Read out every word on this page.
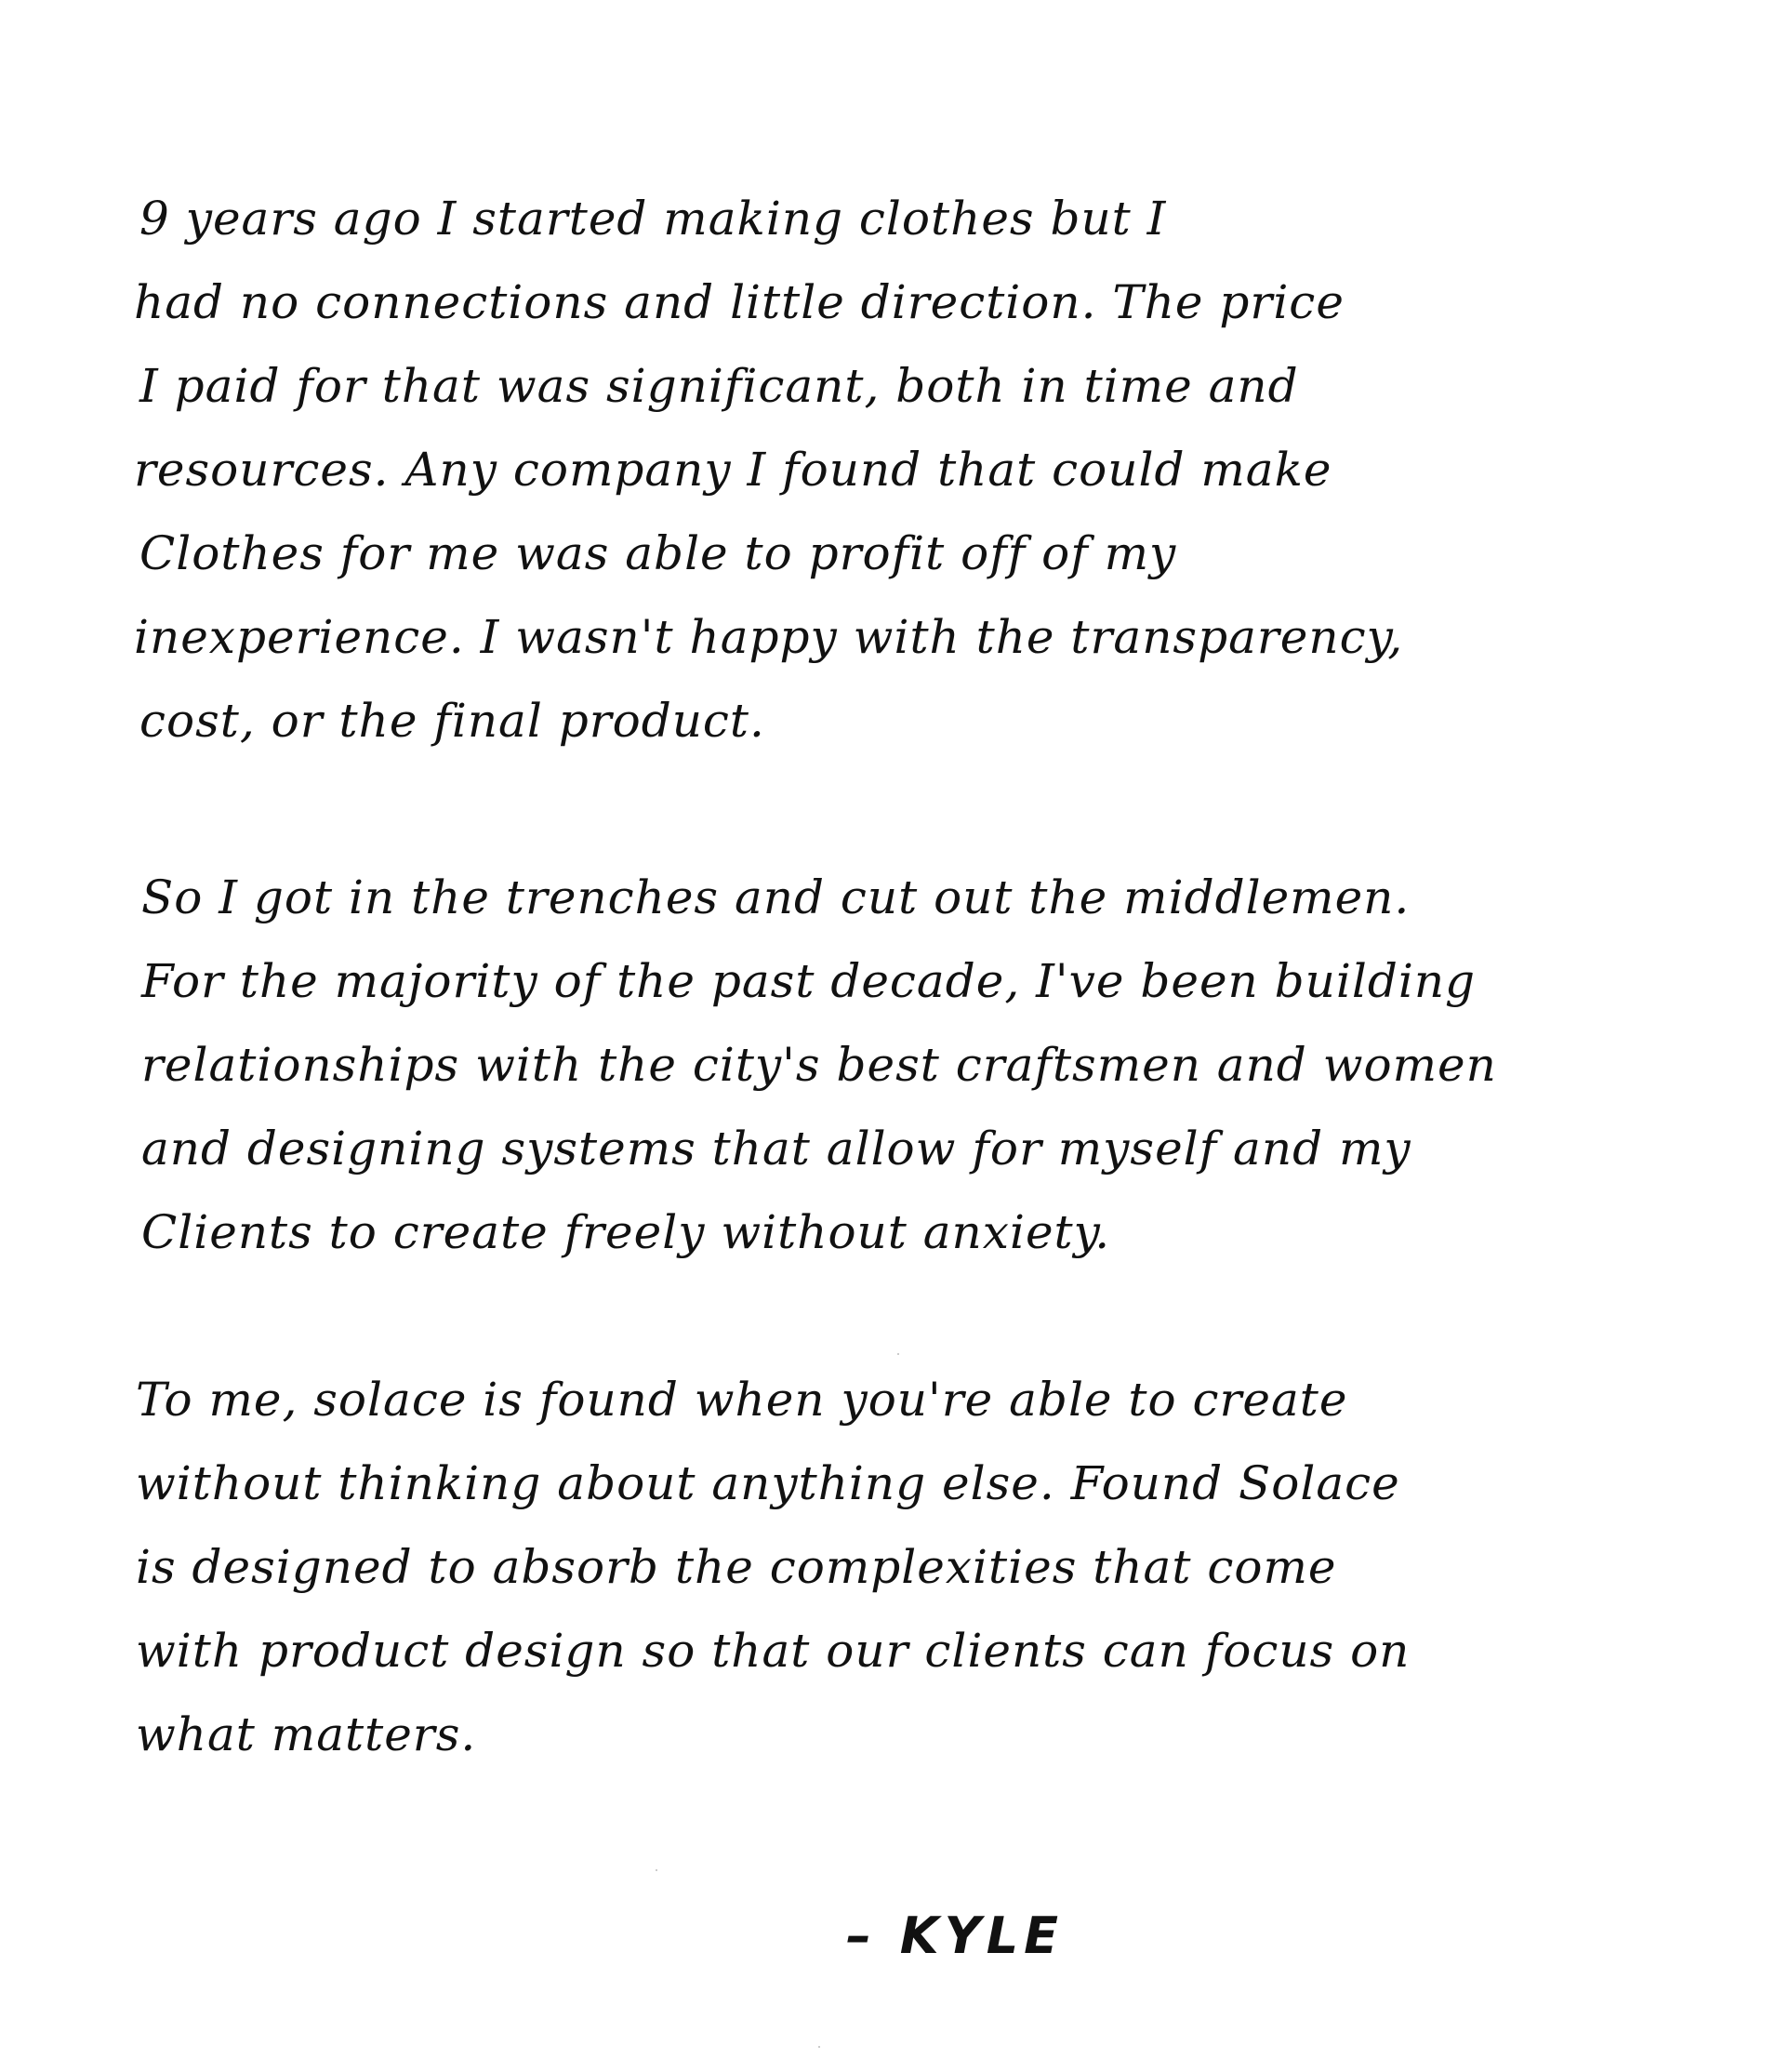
9 years ago I started making clothes but I
had no connections and little direction. The price
I paid for that was significant, both in time and
resources. Any company I found that could make
Clothes for me was able to profit off of my
inexperience. I wasn't happy with the transparency,
cost, or the final product.
So I got in the trenches and cut out the middlemen.
For the majority of the past decade, I've been building
relationships with the city's best craftsmen and women
and designing systems that allow for myself and my
Clients to create freely without anxiety.
To me, solace is found when you're able to create
without thinking about anything else. Found Solace
is designed to absorb the complexities that come
with product design so that our clients can focus on
what matters.
– KYLE
